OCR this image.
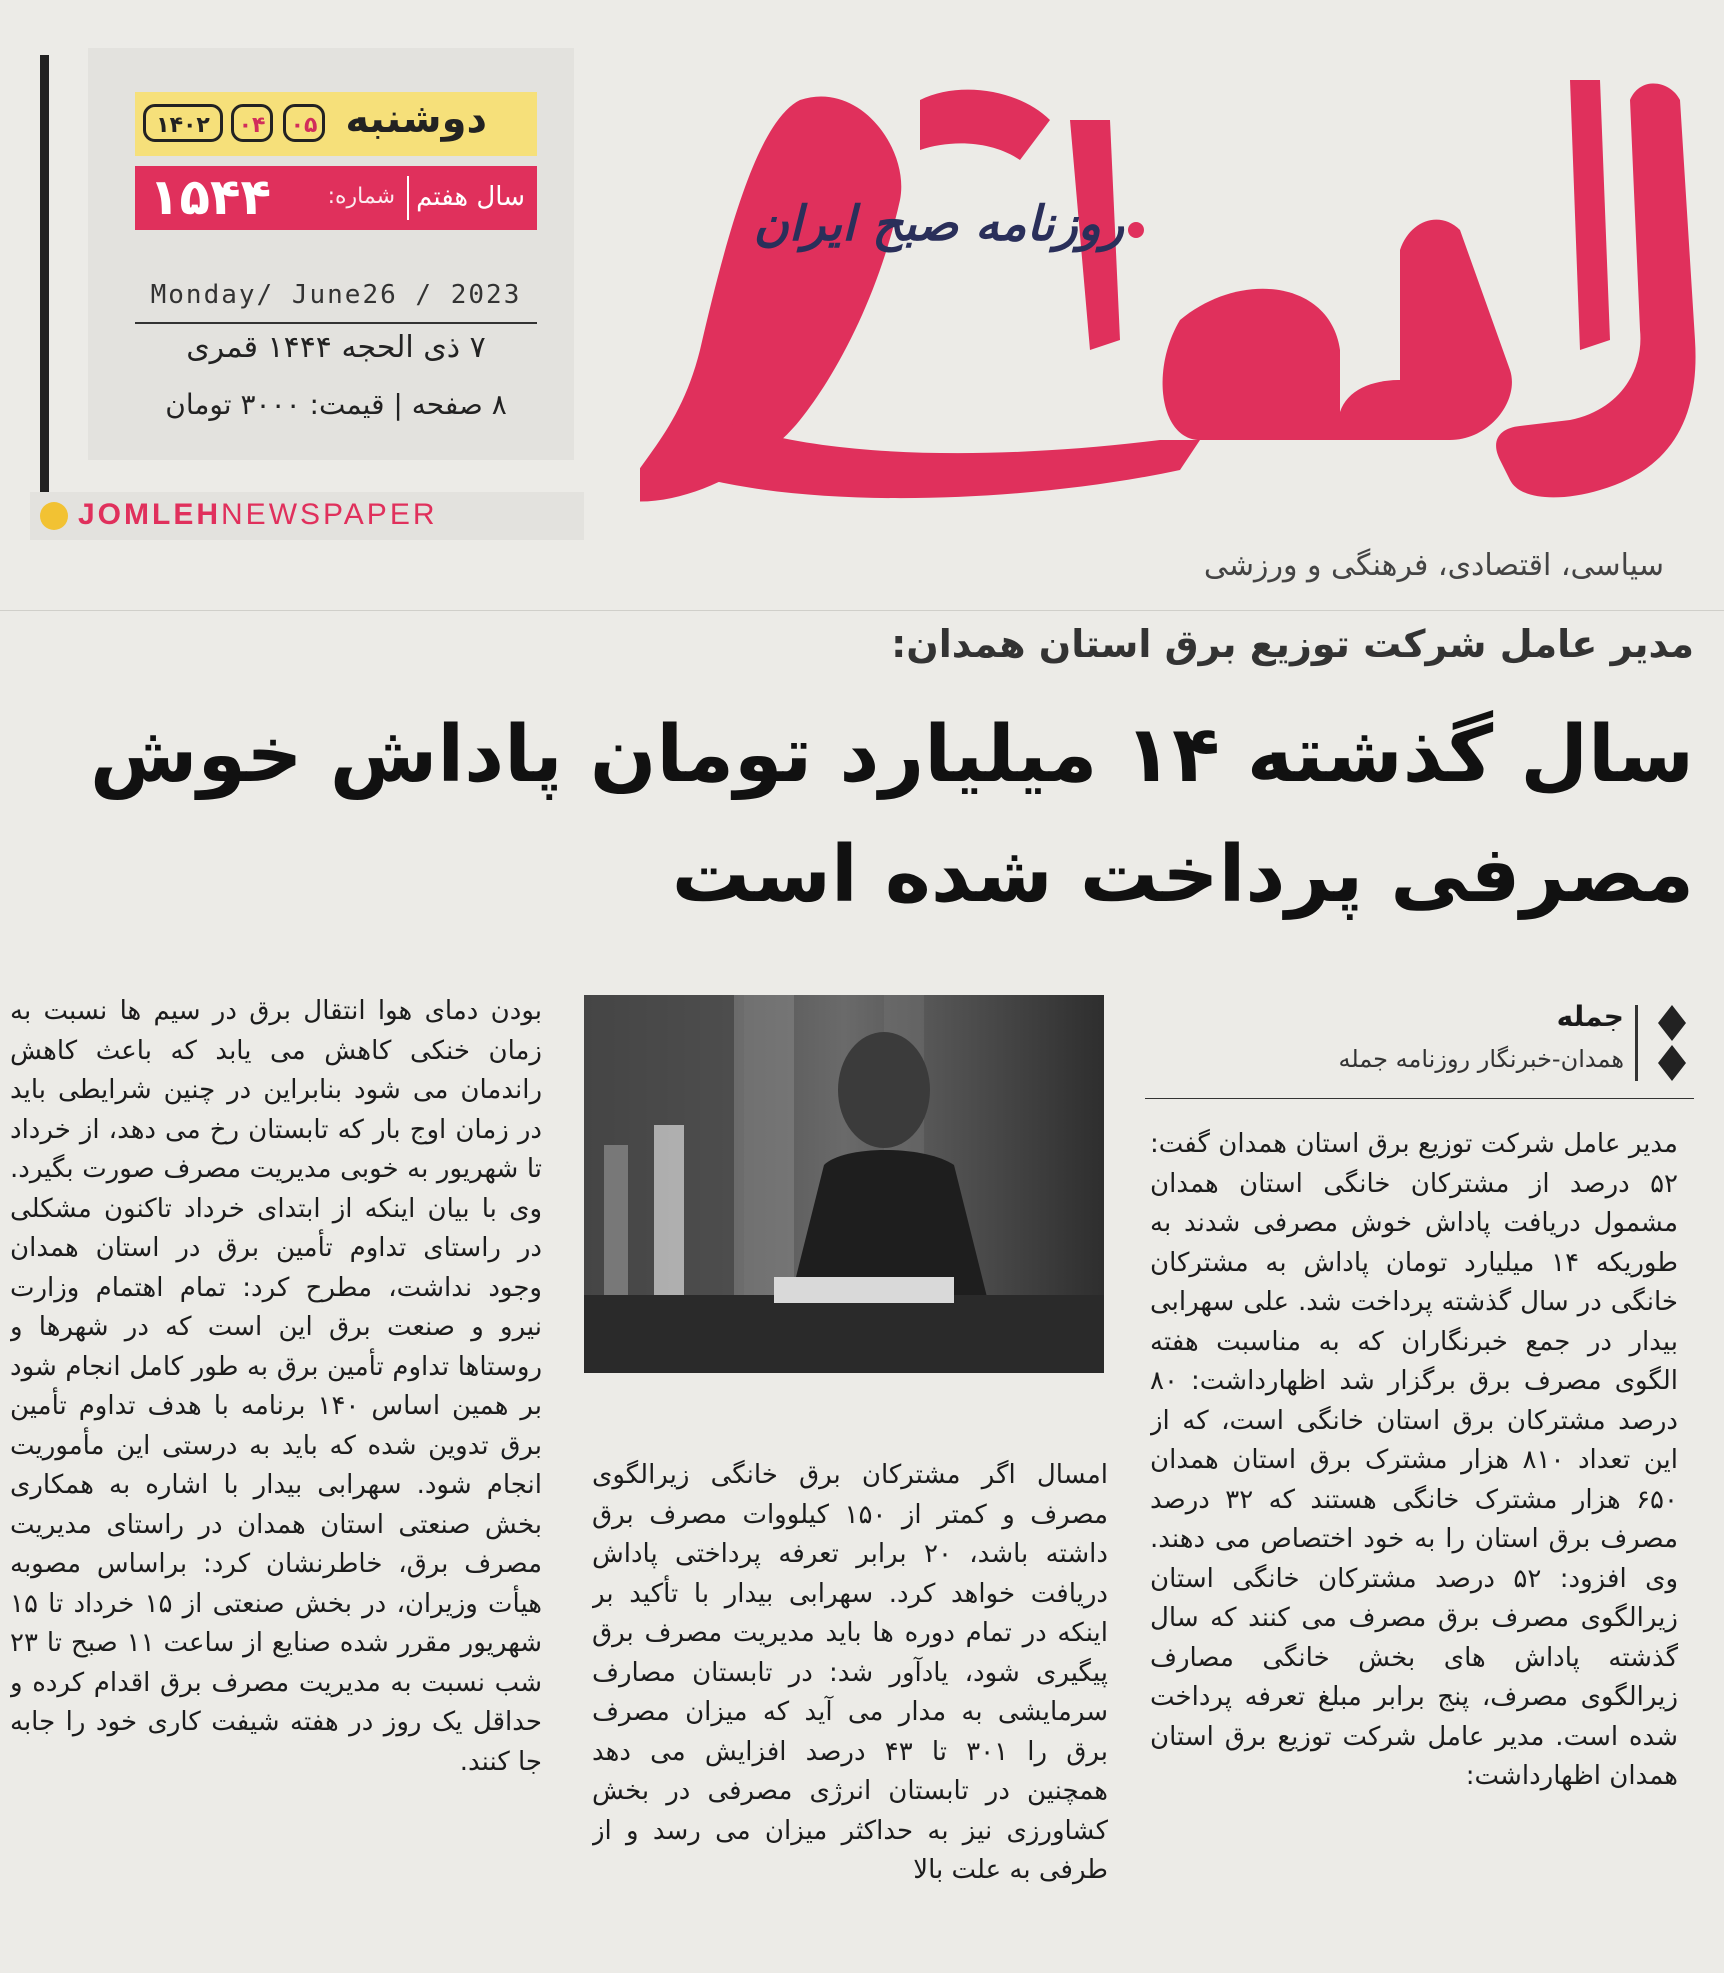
دوشنبه
۰۵
۰۴
۱۴۰۲
سال هفتم
شماره:
۱۵۴۴
Monday/ June26 / 2023
۷ ذی الحجه ۱۴۴۴ قمری
۸ صفحه | قیمت: ۳۰۰۰ تومان
JOMLEHNEWSPAPER
روزنامه صبح ایران
سیاسی، اقتصادی، فرهنگی و ورزشی
مدیر عامل شرکت توزیع برق استان همدان:
سال گذشته ۱۴ میلیارد تومان پاداش خوش
مصرفی پرداخت شده است
جمله
همدان-خبرنگار روزنامه جمله
مدیر عامل شرکت توزیع برق استان همدان گفت: ۵۲ درصد از مشترکان خانگی استان همدان مشمول دریافت پاداش خوش مصرفی شدند به طوریکه ۱۴ میلیارد تومان پاداش به مشترکان خانگی در سال گذشته پرداخت شد. علی سهرابی بیدار در جمع خبرنگاران که به مناسبت هفته الگوی مصرف برق برگزار شد اظهارداشت: ۸۰ درصد مشترکان برق استان خانگی است، که از این تعداد ۸۱۰ هزار مشترک برق استان همدان ۶۵۰ هزار مشترک خانگی هستند که ۳۲ درصد مصرف برق استان را به خود اختصاص می دهند. وی افزود: ۵۲ درصد مشترکان خانگی استان زیرالگوی مصرف برق مصرف می کنند که سال گذشته پاداش های بخش خانگی مصارف زیرالگوی مصرف، پنج برابر مبلغ تعرفه پرداخت شده است. مدیر عامل شرکت توزیع برق استان همدان اظهارداشت:
امسال اگر مشترکان برق خانگی زیرالگوی مصرف و کمتر از ۱۵۰ کیلووات مصرف برق داشته باشد، ۲۰ برابر تعرفه پرداختی پاداش دریافت خواهد کرد. سهرابی بیدار با تأکید بر اینکه در تمام دوره ها باید مدیریت مصرف برق پیگیری شود، یادآور شد: در تابستان مصارف سرمایشی به مدار می آید که میزان مصرف برق را ۳۰۱ تا ۴۳ درصد افزایش می دهد همچنین در تابستان انرژی مصرفی در بخش کشاورزی نیز به حداکثر میزان می رسد و از طرفی به علت بالا
بودن دمای هوا انتقال برق در سیم ها نسبت به زمان خنکی کاهش می یابد که باعث کاهش راندمان می شود بنابراین در چنین شرایطی باید در زمان اوج بار که تابستان رخ می دهد، از خرداد تا شهریور به خوبی مدیریت مصرف صورت بگیرد. وی با بیان اینکه از ابتدای خرداد تاکنون مشکلی در راستای تداوم تأمین برق در استان همدان وجود نداشت، مطرح کرد: تمام اهتمام وزارت نیرو و صنعت برق این است که در شهرها و روستاها تداوم تأمین برق به طور کامل انجام شود بر همین اساس ۱۴۰ برنامه با هدف تداوم تأمین برق تدوین شده که باید به درستی این مأموریت انجام شود. سهرابی بیدار با اشاره به همکاری بخش صنعتی استان همدان در راستای مدیریت مصرف برق، خاطرنشان کرد: براساس مصوبه هیأت وزیران، در بخش صنعتی از ۱۵ خرداد تا ۱۵ شهریور مقرر شده صنایع از ساعت ۱۱ صبح تا ۲۳ شب نسبت به مدیریت مصرف برق اقدام کرده و حداقل یک روز در هفته شیفت کاری خود را جابه جا کنند.
